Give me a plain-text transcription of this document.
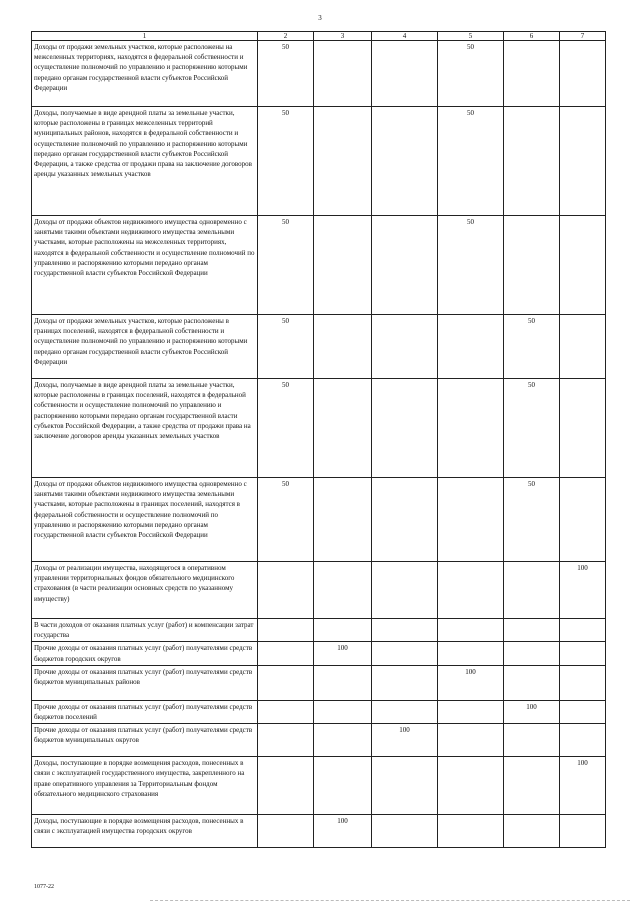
3
1	2	3	4	5	6	7
Доходы от продажи земельных участков, которые расположены на межселенных территориях, находятся в федеральной собственности и осуществление полномочий по управлению и распоряжению которыми передано органам государственной власти субъектов Российской Федерации	50			50		
Доходы, получаемые в виде арендной платы за земельные участки, которые расположены в границах межселенных территорий муниципальных районов, находятся в федеральной собственности и осуществление полномочий по управлению и распоряжению которыми передано органам государственной власти субъектов Российской Федерации, а также средства от продажи права на заключение договоров аренды указанных земельных участков	50			50		
Доходы от продажи объектов недвижимого имущества одновременно с занятыми такими объектами недвижимого имущества земельными участками, которые расположены на межселенных территориях, находятся в федеральной собственности и осуществление полномочий по управлению и распоряжению которыми передано органам государственной власти субъектов Российской Федерации	50			50		
Доходы от продажи земельных участков, которые расположены в границах поселений, находятся в федеральной собственности и осуществление полномочий по управлению и распоряжению которыми передано органам государственной власти субъектов Российской Федерации	50				50	
Доходы, получаемые в виде арендной платы за земельные участки, которые расположены в границах поселений, находятся в федеральной собственности и осуществление полномочий по управлению и распоряжению которыми передано органам государственной власти субъектов Российской Федерации, а также средства от продажи права на заключение договоров аренды указанных земельных участков	50				50	
Доходы от продажи объектов недвижимого имущества одновременно с занятыми такими объектами недвижимого имущества земельными участками, которые расположены в границах поселений, находятся в федеральной собственности и осуществление полномочий по управлению и распоряжению которыми передано органам государственной власти субъектов Российской Федерации	50				50	
Доходы от реализации имущества, находящегося в оперативном управлении территориальных фондов обязательного медицинского страхования (в части реализации основных средств по указанному имуществу)						100
В части доходов от оказания платных услуг (работ) и компенсации затрат государства						
Прочие доходы от оказания платных услуг (работ) получателями средств бюджетов городских округов		100				
Прочие доходы от оказания платных услуг (работ) получателями средств бюджетов муниципальных районов				100		
Прочие доходы от оказания платных услуг (работ) получателями средств бюджетов поселений					100	
Прочие доходы от оказания платных услуг (работ) получателями средств бюджетов муниципальных округов			100			
Доходы, поступающие в порядке возмещения расходов, понесенных в связи с эксплуатацией государственного имущества, закрепленного на праве оперативного управления за Территориальным фондом обязательного медицинского страхования						100
Доходы, поступающие в порядке возмещения расходов, понесенных в связи с эксплуатацией имущества городских округов		100				
1077-22
